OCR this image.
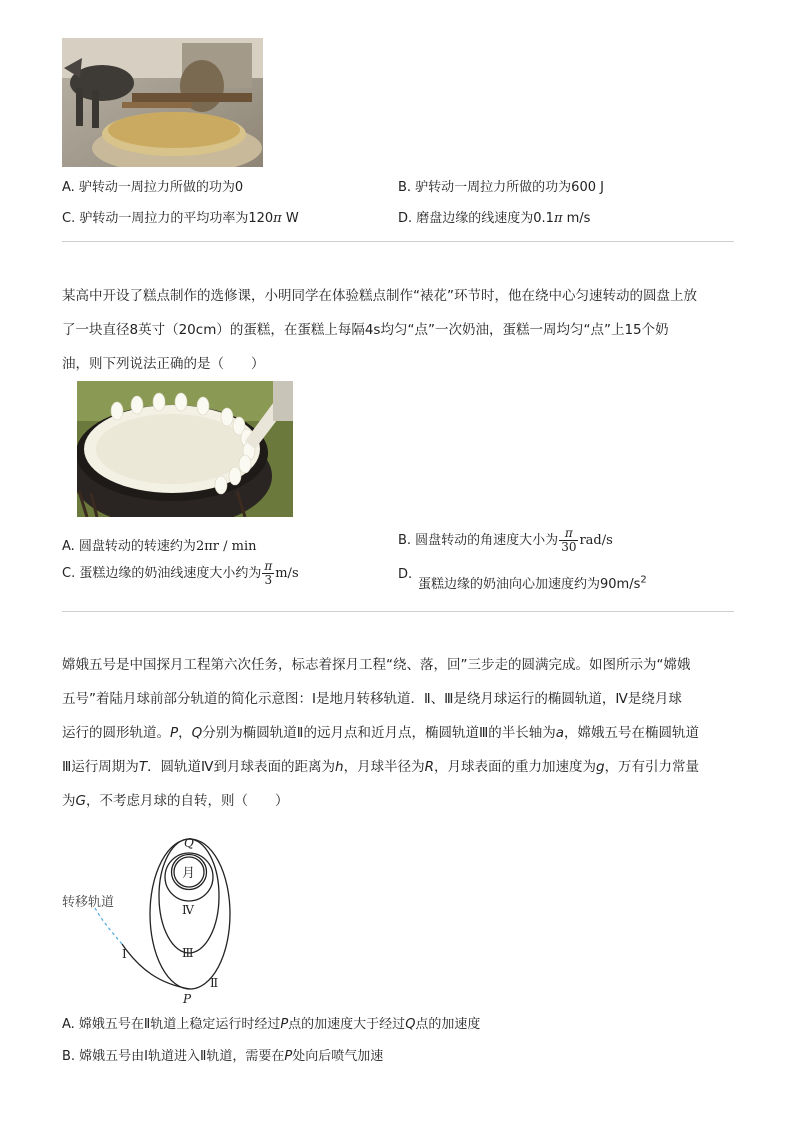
A. 驴转动一周拉力所做的功为0	B. 驴转动一周拉力所做的功为600 J
C. 驴转动一周拉力的平均功率为120π W	D. 磨盘边缘的线速度为0.1π m/s
某高中开设了糕点制作的选修课，小明同学在体验糕点制作“裱花”环节时，他在绕中心匀速转动的圆盘上放
了一块直径8英寸（20cm）的蛋糕，在蛋糕上每隔4s均匀“点”一次奶油，蛋糕一周均匀“点”上15个奶
油，则下列说法正确的是（　　）
A. 圆盘转动的转速约为2πr / min	B. 圆盘转动的角速度大小为 $\frac{\pi}{30} rad/s$
C. 蛋糕边缘的奶油线速度大小约为 $\frac{\pi}{3} m/s$	D.
蛋糕边缘的奶油向心加速度约为$90m/s^2$
嫦娥五号是中国探月工程第六次任务，标志着探月工程“绕、落，回”三步走的圆满完成。如图所示为“嫦娥
五号”着陆月球前部分轨道的简化示意图：Ⅰ是地月转移轨道．Ⅱ、Ⅲ是绕月球运行的椭圆轨道，Ⅳ是绕月球
运行的圆形轨道。P，Q分别为椭圆轨道Ⅱ的远月点和近月点，椭圆轨道Ⅲ的半长轴为a，嫦娥五号在椭圆轨道
Ⅲ运行周期为T．圆轨道Ⅳ到月球表面的距离为h，月球半径为R，月球表面的重力加速度为g，万有引力常量
为G，不考虑月球的自转，则（　　）
Q
月
Ⅳ
Ⅲ
Ⅱ
Ⅰ
P
转移轨道
A. 嫦娥五号在Ⅱ轨道上稳定运行时经过P点的加速度大于经过Q点的加速度
B. 嫦娥五号由Ⅰ轨道进入Ⅱ轨道，需要在P处向后喷气加速
